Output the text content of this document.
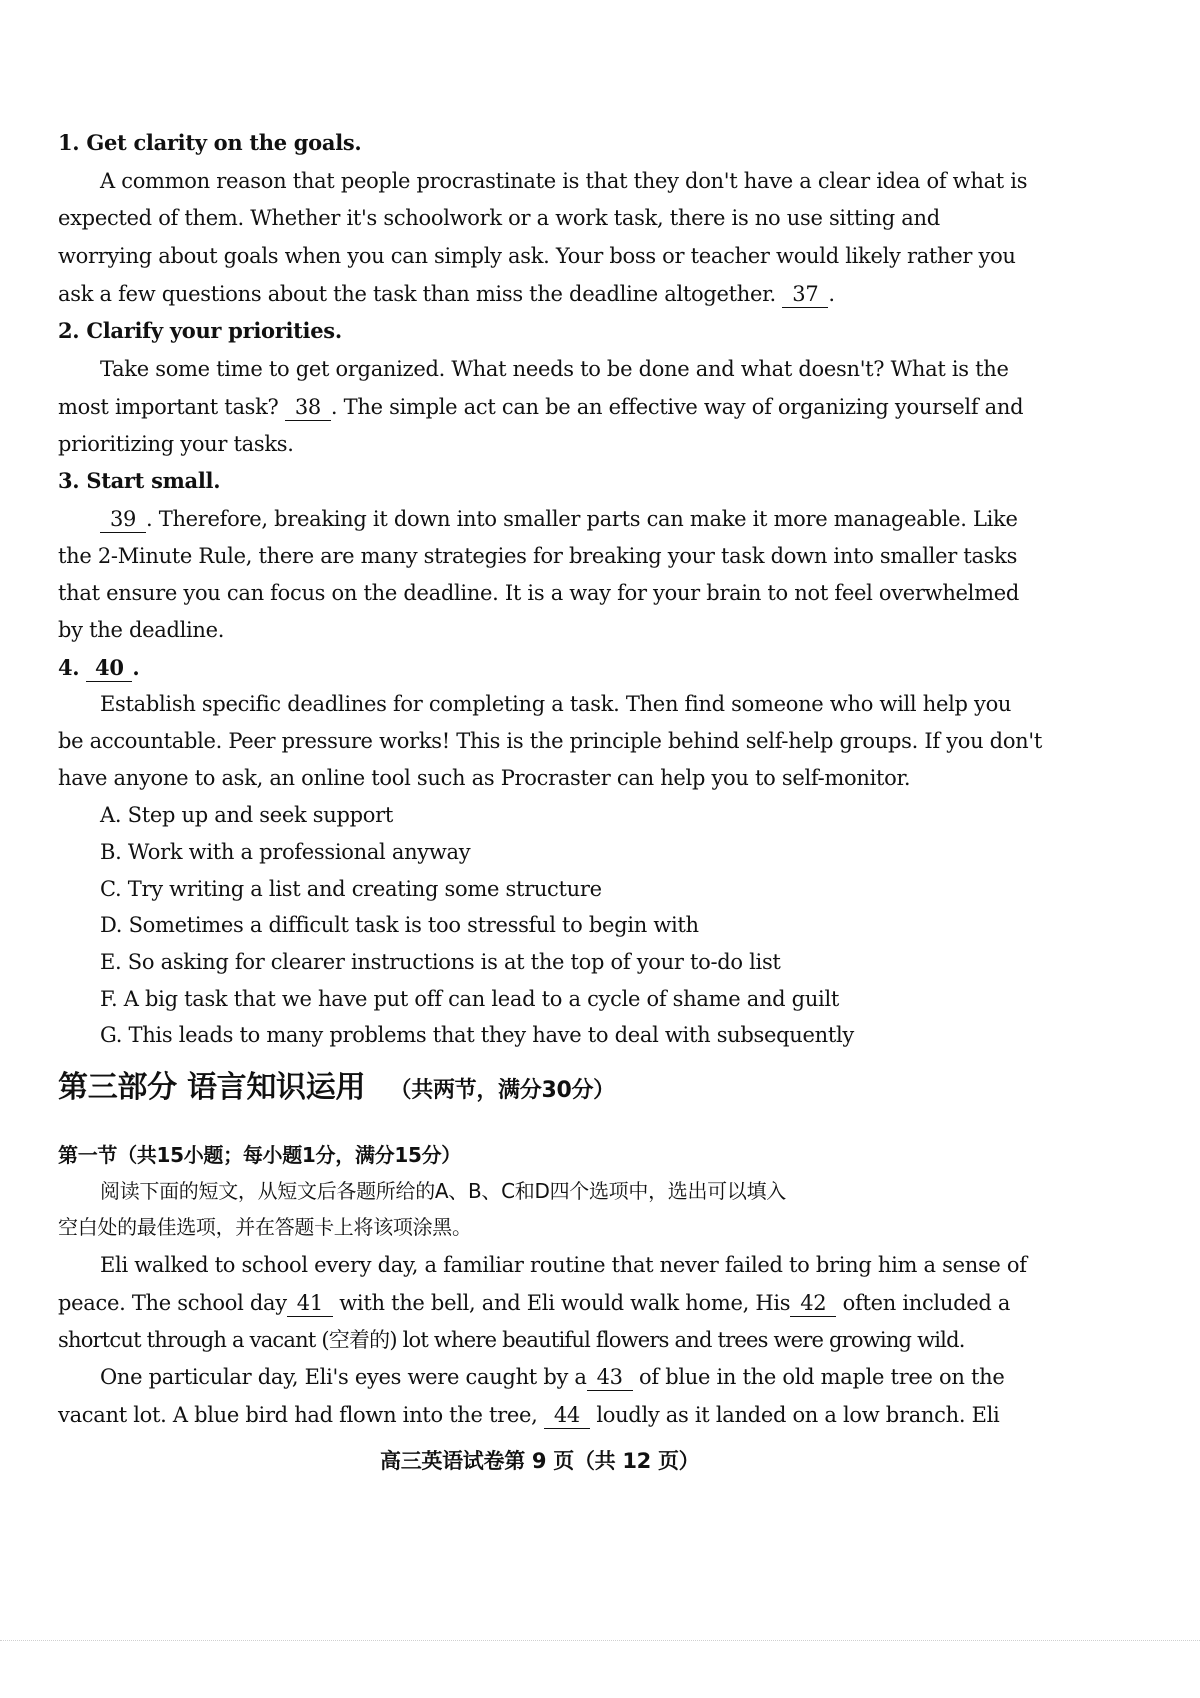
1. Get clarity on the goals.
A common reason that people procrastinate is that they don't have a clear idea of what is
expected of them. Whether it's schoolwork or a work task, there is no use sitting and
worrying about goals when you can simply ask. Your boss or teacher would likely rather you
ask a few questions about the task than miss the deadline altogether. 37 .
2. Clarify your priorities.
Take some time to get organized. What needs to be done and what doesn't? What is the
most important task? 38 . The simple act can be an effective way of organizing yourself and
prioritizing your tasks.
3. Start small.
39 . Therefore, breaking it down into smaller parts can make it more manageable. Like
the 2-Minute Rule, there are many strategies for breaking your task down into smaller tasks
that ensure you can focus on the deadline. It is a way for your brain to not feel overwhelmed
by the deadline.
4. 40 .
Establish specific deadlines for completing a task. Then find someone who will help you
be accountable. Peer pressure works! This is the principle behind self-help groups. If you don't
have anyone to ask, an online tool such as Procraster can help you to self-monitor.
A. Step up and seek support
B. Work with a professional anyway
C. Try writing a list and creating some structure
D. Sometimes a difficult task is too stressful to begin with
E. So asking for clearer instructions is at the top of your to-do list
F. A big task that we have put off can lead to a cycle of shame and guilt
G. This leads to many problems that they have to deal with subsequently
第三部分 语言知识运用 （共两节，满分30分）
第一节（共15小题；每小题1分，满分15分）
阅读下面的短文，从短文后各题所给的A、B、C和D四个选项中，选出可以填入
空白处的最佳选项，并在答题卡上将该项涂黑。
Eli walked to school every day, a familiar routine that never failed to bring him a sense of
peace. The school day 41 with the bell, and Eli would walk home, His 42 often included a
shortcut through a vacant (空着的) lot where beautiful flowers and trees were growing wild.
One particular day, Eli's eyes were caught by a 43 of blue in the old maple tree on the
vacant lot. A blue bird had flown into the tree, 44 loudly as it landed on a low branch. Eli
高三英语试卷第 9 页（共 12 页）
